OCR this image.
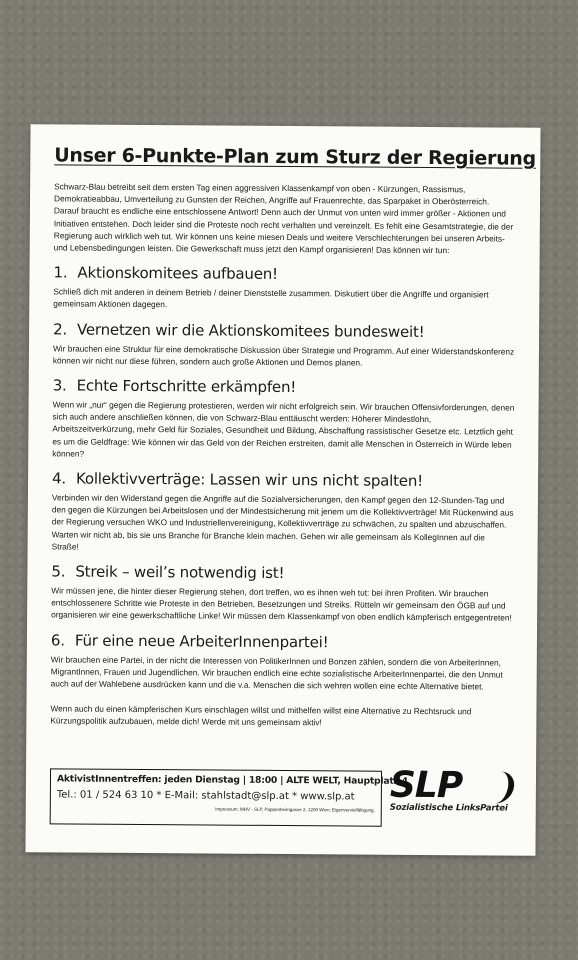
Unser 6-Punkte-Plan zum Sturz der Regierung

Schwarz-Blau betreibt seit dem ersten Tag einen aggressiven Klassenkampf von oben - Kürzungen, Rassismus, Demokratieabbau, Umverteilung zu Gunsten der Reichen, Angriffe auf Frauenrechte, das Sparpaket in Oberösterreich. Darauf braucht es endliche eine entschlossene Antwort! Denn auch der Unmut von unten wird immer größer - Aktionen und Initiativen entstehen. Doch leider sind die Proteste noch recht verhalten und vereinzelt. Es fehlt eine Gesamtstrategie, die der Regierung auch wirklich weh tut. Wir können uns keine miesen Deals und weitere Verschlechterungen bei unseren Arbeits- und Lebensbedingungen leisten. Die Gewerkschaft muss jetzt den Kampf organisieren! Das können wir tun:

1. Aktionskomitees aufbauen!

Schließ dich mit anderen in deinem Betrieb / deiner Dienststelle zusammen. Diskutiert über die Angriffe und organisiert gemeinsam Aktionen dagegen.

2. Vernetzen wir die Aktionskomitees bundesweit!

Wir brauchen eine Struktur für eine demokratische Diskussion über Strategie und Programm. Auf einer Widerstandskonferenz können wir nicht nur diese führen, sondern auch große Aktionen und Demos planen.

3. Echte Fortschritte erkämpfen!

Wenn wir „nur“ gegen die Regierung protestieren, werden wir nicht erfolgreich sein. Wir brauchen Offensivforderungen, denen sich auch andere anschließen können, die von Schwarz-Blau enttäuscht werden: Höherer Mindestlohn, Arbeitszeitverkürzung, mehr Geld für Soziales, Gesundheit und Bildung, Abschaffung rassistischer Gesetze etc. Letztlich geht es um die Geldfrage: Wie können wir das Geld von der Reichen erstreiten, damit alle Menschen in Österreich in Würde leben können?

4. Kollektivverträge: Lassen wir uns nicht spalten!

Verbinden wir den Widerstand gegen die Angriffe auf die Sozialversicherungen, den Kampf gegen den 12-Stunden-Tag und den gegen die Kürzungen bei Arbeitslosen und der Mindestsicherung mit jenem um die Kollektivverträge! Mit Rückenwind aus der Regierung versuchen WKO und Industriellenvereinigung, Kollektivverträge zu schwächen, zu spalten und abzuschaffen. Warten wir nicht ab, bis sie uns Branche für Branche klein machen. Gehen wir alle gemeinsam als KollegInnen auf die Straße!

5. Streik – weil’s notwendig ist!

Wir müssen jene, die hinter dieser Regierung stehen, dort treffen, wo es ihnen weh tut: bei ihren Profiten. Wir brauchen entschlossenere Schritte wie Proteste in den Betrieben, Besetzungen und Streiks. Rütteln wir gemeinsam den ÖGB auf und organisieren wir eine gewerkschaftliche Linke! Wir müssen dem Klassenkampf von oben endlich kämpferisch entgegentreten!

6. Für eine neue ArbeiterInnenpartei!

Wir brauchen eine Partei, in der nicht die Interessen von PolitikerInnen und Bonzen zählen, sondern die von ArbeiterInnen, MigrantInnen, Frauen und Jugendlichen. Wir brauchen endlich eine echte sozialistische ArbeiterInnenpartei, die den Unmut auch auf der Wahlebene ausdrücken kann und die v.a. Menschen die sich wehren wollen eine echte Alternative bietet.

Wenn auch du einen kämpferischen Kurs einschlagen willst und mithelfen willst eine Alternative zu Rechtsruck und Kürzungspolitik aufzubauen, melde dich! Werde mit uns gemeinsam aktiv!

AktivistInnentreffen: jeden Dienstag | 18:00 | ALTE WELT, Hauptplatz 4
Tel.: 01 / 524 63 10 * E-Mail: stahlstadt@slp.at * www.slp.at
Impressum: MHV - SLP, Pappenheimgasse 2, 1200 Wien; Eigenvervielfältigung.
SLP
Sozialistische LinksPartei
